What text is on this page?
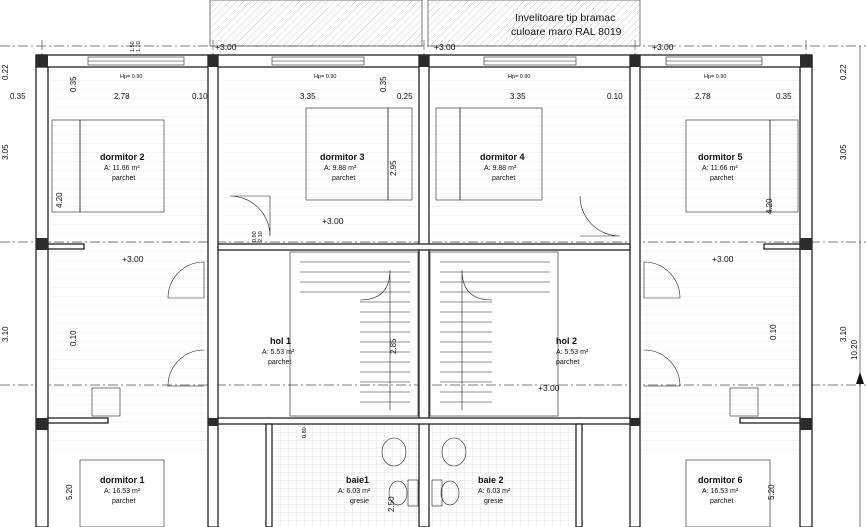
Invelitoare tip bramac
culoare maro RAL 8019
+3.00	+3.00	+3.00
+3.00
+3.00
+3.00
+3.00
Hp= 0.90	Hp= 0.90	Hp= 0.90	Hp= 0.90
0.35	2.78	0.10	3.35	0.25	3.35	0.10	2.78	0.35
0.22
3.05
3.10
0.22
3.05
3.10
10.20
0.35	0.35
4.20	4.20
0.10	0.10
5.20	5.20
2.95
2.85
2.50
1.50 1.20
0.90 2.10
0.80
dormitor 2
A: 11.66 m²
parchet
dormitor 3
A: 9.88 m²
parchet
dormitor 4
A: 9.88 m²
parchet
dormitor 5
A: 11.66 m²
parchet
hol 1
A: 5.53 m²
parchet
hol 2
A: 5.53 m²
parchet
dormitor 1
A: 16.53 m²
parchet
dormitor 6
A: 16.53 m²
parchet
baie1
A: 6.03 m²
gresie
baie 2
A: 6.03 m²
gresie
